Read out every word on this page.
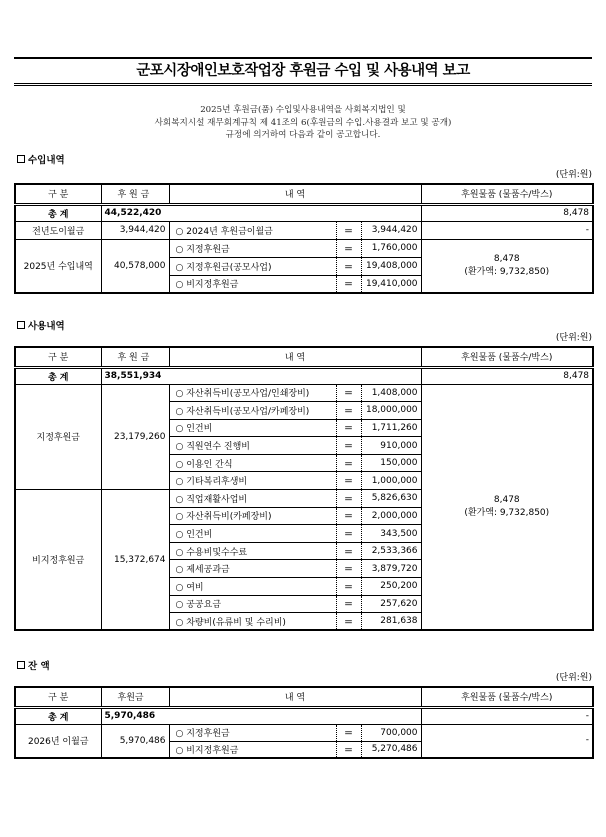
군포시장애인보호작업장 후원금 수입 및 사용내역 보고
2025년 후원금(품) 수입및사용내역을 사회복지법인 및
사회복지시설 재무회계규칙 제 41조의 6(후원금의 수입.사용결과 보고 및 공개)
규정에 의거하여 다음과 같이 공고합니다.
수입내역
(단위:원)
구 분	후 원 금	내 역			후원물품 (물품수/박스)
총 계	44,522,420				8,478
전년도이월금	3,944,420	○ 2024년 후원금이월금	＝	3,944,420	-

2025년 수입내역	40,578,000	○ 지정후원금	＝	1,760,000	8,478
(환가액: 9,732,850)

		○ 지정후원금(공모사업)	＝	19,408,000	
		○ 비지정후원금	＝	19,410,000	
사용내역
(단위:원)
구 분	후 원 금	내 역			후원물품 (물품수/박스)
총 계	38,551,934				8,478
지정후원금	23,179,260	○ 자산취득비(공모사업/인쇄장비)	＝	1,408,000	8,478
(환가액: 9,732,850)

		○ 자산취득비(공모사업/카페장비)	＝	18,000,000	
		○ 인건비	＝	1,711,260	
		○ 직원연수 진행비	＝	910,000	
		○ 이용인 간식	＝	150,000	
		○ 기타복리후생비	＝	1,000,000	
비지정후원금	15,372,674	○ 직업재활사업비	＝	5,826,630	
		○ 자산취득비(카페장비)	＝	2,000,000	
		○ 인건비	＝	343,500	
		○ 수용비및수수료	＝	2,533,366	
		○ 제세공과금	＝	3,879,720	
		○ 여비	＝	250,200	
		○ 공공요금	＝	257,620	
		○ 차량비(유류비 및 수리비)	＝	281,638	
잔 액
(단위:원)
구 분	후원금	내 역			후원물품 (물품수/박스)
총 계	5,970,486				-
2026년 이월금	5,970,486	○ 지정후원금	＝	700,000	-

		○ 비지정후원금	＝	5,270,486	
